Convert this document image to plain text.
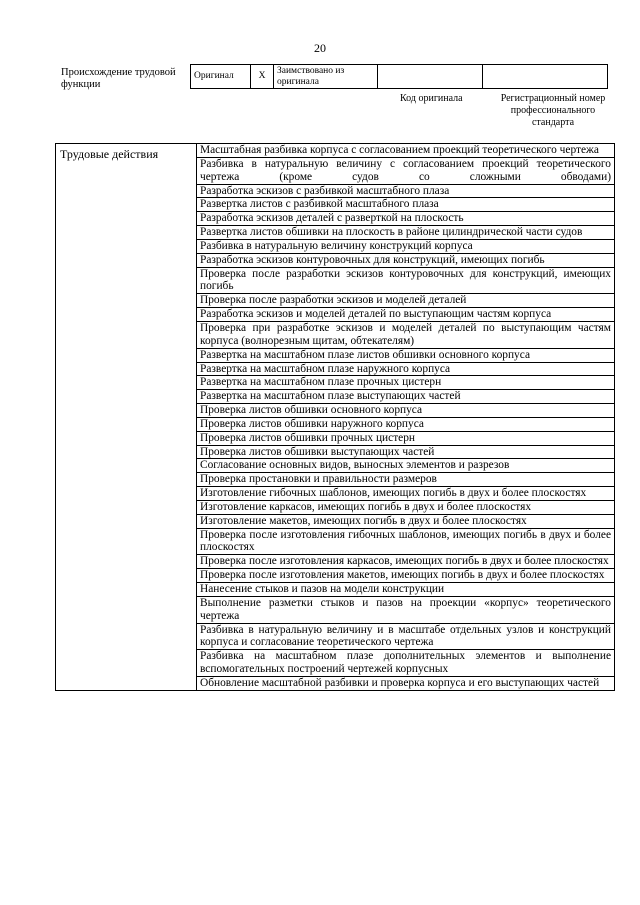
20
Происхождение трудовой функции
Оригинал	X	Заимствовано из оригинала		
Код оригинала	Регистрационный номер профессионального стандарта
Трудовые действия	Масштабная разбивка корпуса с согласованием проекций теоретического чертежа
Разбивка в натуральную величину с согласованием проекций теоретического чертежа (кроме судов со сложными обводами)
Разработка эскизов с разбивкой масштабного плаза
Развертка листов с разбивкой масштабного плаза
Разработка эскизов деталей с разверткой на плоскость
Развертка листов обшивки на плоскость в районе цилиндрической части судов
Разбивка в натуральную величину конструкций корпуса
Разработка эскизов контуровочных для конструкций, имеющих погибь
Проверка после разработки эскизов контуровочных для конструкций, имеющих погибь
Проверка после разработки эскизов и моделей деталей
Разработка эскизов и моделей деталей по выступающим частям корпуса
Проверка при разработке эскизов и моделей деталей по выступающим частям корпуса (волнорезным щитам, обтекателям)
Развертка на масштабном плазе листов обшивки основного корпуса
Развертка на масштабном плазе наружного корпуса
Развертка на масштабном плазе прочных цистерн
Развертка на масштабном плазе выступающих частей
Проверка листов обшивки основного корпуса
Проверка листов обшивки наружного корпуса
Проверка листов обшивки прочных цистерн
Проверка листов обшивки выступающих частей
Согласование основных видов, выносных элементов и разрезов
Проверка простановки и правильности размеров
Изготовление гибочных шаблонов, имеющих погибь в двух и более плоскостях
Изготовление каркасов, имеющих погибь в двух и более плоскостях
Изготовление макетов, имеющих погибь в двух и более плоскостях
Проверка после изготовления гибочных шаблонов, имеющих погибь в двух и более плоскостях
Проверка после изготовления каркасов, имеющих погибь в двух и более плоскостях
Проверка после изготовления макетов, имеющих погибь в двух и более плоскостях
Нанесение стыков и пазов на модели конструкции
Выполнение разметки стыков и пазов на проекции «корпус» теоретического чертежа
Разбивка в натуральную величину и в масштабе отдельных узлов и конструкций корпуса и согласование теоретического чертежа
Разбивка на масштабном плазе дополнительных элементов и выполнение вспомогательных построений чертежей корпусных
Обновление масштабной разбивки и проверка корпуса и его выступающих частей
